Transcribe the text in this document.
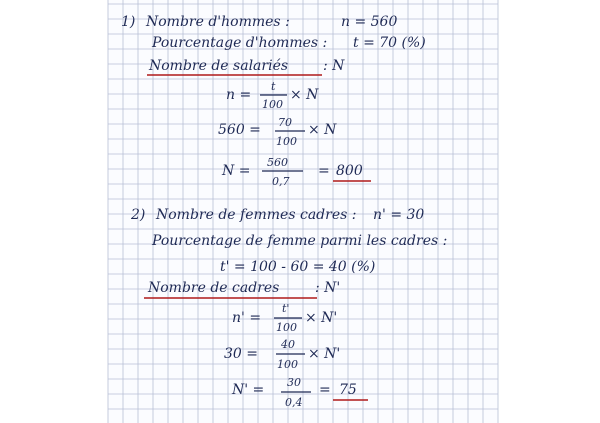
1) Nombre d'hommes :	n = 560
Pourcentage d'hommes : t = 70 (%)
Nombre de salariés : N
n =
t
100
× N
560 = 70
100
× N
N =
560
0,7
= 800
2) Nombre de femmes cadres : n' = 30
Pourcentage de femme parmi les cadres :
t' = 100 - 60 = 40 (%)
Nombre de cadres	: N'
n' =
t'
100
× N'
30 =
40
100
× N'
N' = 30
0,4
= 75
